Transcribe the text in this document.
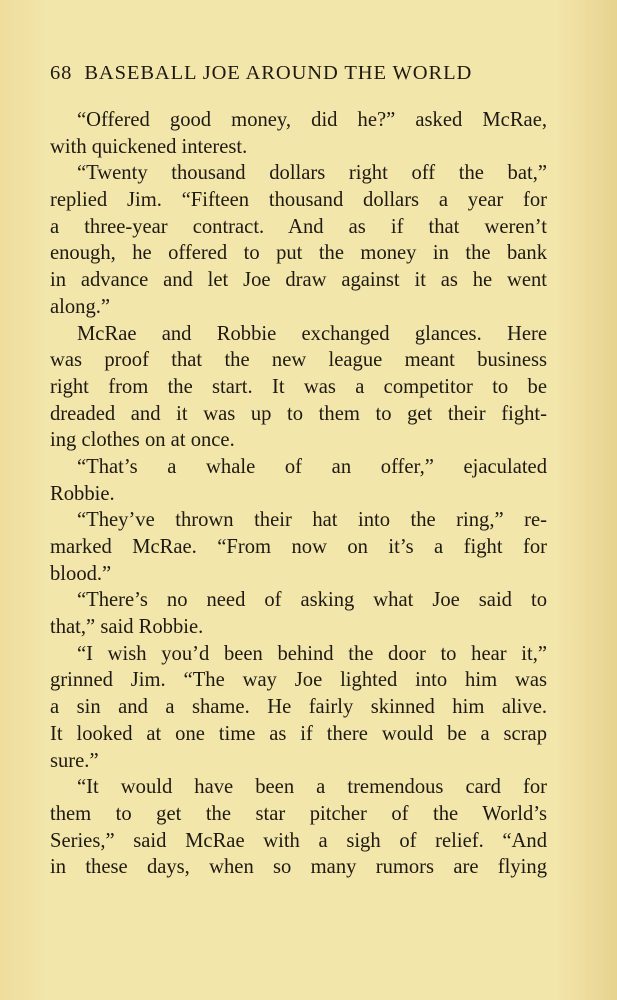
68 BASEBALL JOE AROUND THE WORLD
“Offered good money, did he?” asked McRae,
with quickened interest.
“Twenty thousand dollars right off the bat,”
replied Jim. “Fifteen thousand dollars a year for
a three-year contract. And as if that weren’t
enough, he offered to put the money in the bank
in advance and let Joe draw against it as he went
along.”
McRae and Robbie exchanged glances. Here
was proof that the new league meant business
right from the start. It was a competitor to be
dreaded and it was up to them to get their fight-
ing clothes on at once.
“That’s a whale of an offer,” ejaculated
Robbie.
“They’ve thrown their hat into the ring,” re-
marked McRae. “From now on it’s a fight for
blood.”
“There’s no need of asking what Joe said to
that,” said Robbie.
“I wish you’d been behind the door to hear it,”
grinned Jim. “The way Joe lighted into him was
a sin and a shame. He fairly skinned him alive.
It looked at one time as if there would be a scrap
sure.”
“It would have been a tremendous card for
them to get the star pitcher of the World’s
Series,” said McRae with a sigh of relief. “And
in these days, when so many rumors are flying
